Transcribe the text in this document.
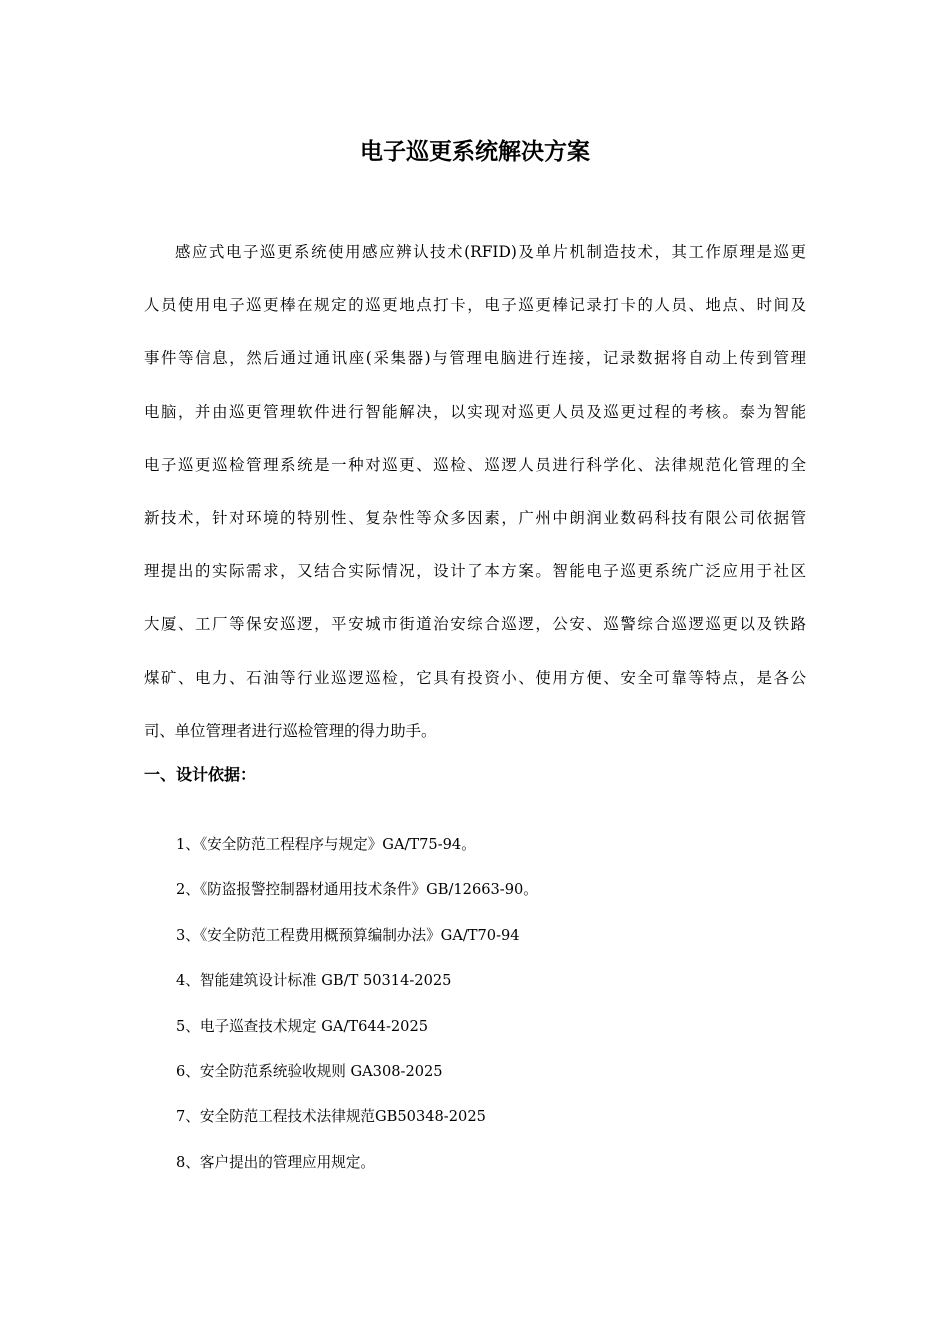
电子巡更系统解决方案
感应式电子巡更系统使用感应辨认技术(RFID)及单片机制造技术，其工作原理是巡更
人员使用电子巡更棒在规定的巡更地点打卡，电子巡更棒记录打卡的人员、地点、时间及
事件等信息，然后通过通讯座(采集器)与管理电脑进行连接，记录数据将自动上传到管理
电脑，并由巡更管理软件进行智能解决，以实现对巡更人员及巡更过程的考核。泰为智能
电子巡更巡检管理系统是一种对巡更、巡检、巡逻人员进行科学化、法律规范化管理的全
新技术，针对环境的特别性、复杂性等众多因素，广州中朗润业数码科技有限公司依据管
理提出的实际需求，又结合实际情况，设计了本方案。智能电子巡更系统广泛应用于社区
大厦、工厂等保安巡逻，平安城市街道治安综合巡逻，公安、巡警综合巡逻巡更以及铁路
煤矿、电力、石油等行业巡逻巡检，它具有投资小、使用方便、安全可靠等特点，是各公
司、单位管理者进行巡检管理的得力助手。
一、设计依据：
1、《安全防范工程程序与规定》GA/T75-94。
2、《防盗报警控制器材通用技术条件》GB/12663-90。
3、《安全防范工程费用概预算编制办法》GA/T70-94
4、智能建筑设计标准 GB/T 50314-2025
5、电子巡查技术规定 GA/T644-2025
6、安全防范系统验收规则 GA308-2025
7、安全防范工程技术法律规范GB50348-2025
8、客户提出的管理应用规定。
